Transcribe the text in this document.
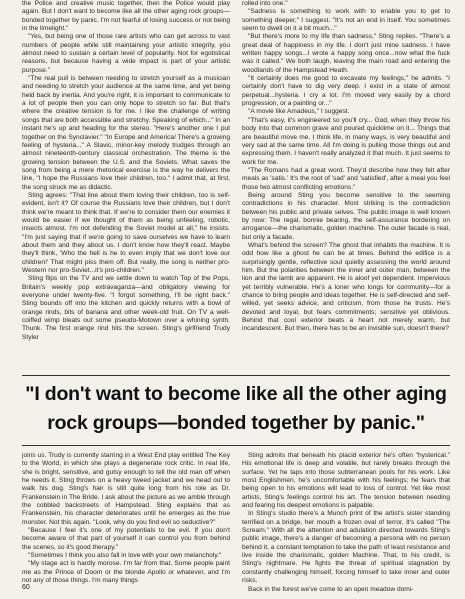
the Police and creative music together, then the Police would play again. But I don't want to become like all the other aging rock groups—bonded together by panic. I'm not fearful of losing success or not being in the limelight."

"Yes, but being one of those rare artists who can get across to vast numbers of people while still maintaining your artistic integrity, you almost need to sustain a certain level of popularity. Not for egotistical reasons, but because having a wide impact is part of your artistic purpose."

"The real pull is between needing to stretch yourself as a musician and needing to stretch your audience at the same time, and yet being held back by inertia. And you're right, it is important to communicate to a lot of people then you can only hope to stretch so far. But that's where the creative tension is for me. I like the challenge of writing songs that are both accessible and stretchy. Speaking of which..." In an instant he's up and heading for the stereo. "Here's another one I put together on the Synclavier." "In Europe and America/ There's a growing feeling of hysteria..." A Slavic, minor-key melody trudges through an almost nineteenth-century classical orchestration. The theme is the growing tension between the U.S. and the Soviets. What saves the song from being a mere rhetorical exercise is the way he delivers the line, "I hope the Russians love their children, too." I admit that, at first, the song struck me as didactic.

Sting agrees: "That line about them loving their children, too is self-evident, isn't it? Of course the Russians love their children, but I don't think we're meant to think that. If we're to consider them our enemies it would be easier if we thought of them as being unfeeling, robotic, insects almost. I'm not defending the Soviet model at all," he insists. "I'm just saying that if we're going to save ourselves we have to learn about them and they about us. I don't know how they'll react. Maybe they'll think, 'Who the hell is he to even imply that we don't love our children!' That might piss them off. But really, the song is neither pro-Western nor pro-Soviet...it's pro-children."

Sting flips on the TV and we settle down to watch Top of the Pops, Britain's weekly pop extravaganza—and obligatory viewing for everyone under twenty-five. "I forgot something, I'll be right back." Sting bounds off into the kitchen and quickly returns with a bowl of orange rinds, bits of banana and other week-old fruit. On TV a well-coiffed wimp bleats out some pseudo-Motown over a whining synth. Thunk. The first orange rind hits the screen. Sting's girlfriend Trudy Styler

rolled into one."

"Sadness is something to work with to enable you to get to something deeper," I suggest. "It's not an end in itself. You sometimes seem to dwell on it a bit much..."

"But there's more to my life than sadness," Sting replies. "There's a great deal of happiness in my life. I don't just mine sadness. I have written happy songs...I wrote a happy song once...now what the fuck was it called." We both laugh, leaving the main road and entering the woodlands of the Hampstead Heath.

"It certainly does me good to excavate my feelings," he admits. "I certainly don't have to dig very deep. I exist in a state of almost perpetual...hysteria. I cry a lot. I'm moved very easily by a chord progression, or a painting or..."

"A movie like Amadeus," I suggest.

"That's easy, it's engineered so you'll cry... God, when they throw his body into that common grave and poured quicklime on it... Things that are beautiful move me. I think life, in many ways, is very beautiful and very sad at the same time. All I'm doing is pulling those things out and expressing them. I haven't really analyzed it that much. It just seems to work for me.

"The Romans had a great word. They'd describe how they felt after meals as 'satis.' It's the root of 'sad' and 'satisfied', after a meal you feel those two almost conflicting emotions."

Being around Sting you become sensitive to the seeming contradictions in his character. Most striking is the contradiction between his public and private selves. The public image is well known by now: The regal, bonnie bearing, the self-assurance bordering on arrogance—the charismatic, golden machine. The outer facade is real, but only a facade.

What's behind the screen? The ghost that inhabits the machine. It is odd how like a ghost he can be at times. Behind the edifice is a surprisingly gentle, reflective soul quietly assessing the world around him. But the polarities between the inner and outer man, between the lion and the lamb are apparent. He is aloof yet dependent. Impervious yet terribly vulnerable. He's a loner who longs for community—for a chance to bring people and ideas together. He is self-directed and self-willed, yet seeks advice, and criticism, from those he trusts. He's devoted and loyal, but fears commitments; sensitive yet oblivious. Behind that cool exterior beats a heart not merely warm, but incandescent. But then, there has to be an invisible sun, doesn't there?

"I don't want to become like all the other aging rock groups—bonded together by panic."

joins us. Trudy is currently starring in a West End play entitled The Key to the World, in which she plays a degenerate rock critic. In real life, she is bright, sensitive, and gutsy enough to tell the old man off when he needs it. Sting throws on a heavy tweed jacket and we head out to walk his dog. Sting's hair is still quite long from his role as Dr. Frankenstein in The Bride. I ask about the picture as we amble through the cobbled backstreets of Hampstead. Sting explains that as Frankenstein, his character deteriorates until he emerges as the true monster. Not this again. "Look, why do you find evil so seductive?"

"Because I feel it's one of my potentials to be evil. If you don't become aware of that part of yourself it can control you from behind the scenes, so it's good therapy."

"Sometimes I think you also fall in love with your own melancholy."

"My stage act is hardly morose. I'm far from that. Some people paint me as the Prince of Doom or the blonde Apollo or whatever, and I'm not any of those things. I'm many things

Sting admits that beneath his placid exterior he's often "hysterical." His emotional life is deep and volatile, but rarely breaks through the surface. Yet he taps into those subterranean pools for his work. Like most Englishmen, he's uncomfortable with his feelings; he fears that being open to his emotions will lead to loss of control. Yet like most artists, Sting's feelings control his art. The tension between needing and fearing his deepest emotions is palpable.

In Sting's studio there's a Munch print of the artist's sister standing terrified on a bridge, her mouth a frozen oval of terror. It's called "The Scream." With all the attention and adulation directed towards Sting's public image, there's a danger of becoming a persona with no person behind it, a constant temptation to take the path of least resistance and live inside the charismatic, golden Machine. That, to his credit, is Sting's nightmare. He fights the threat of spiritual stagnation by constantly challenging himself, forcing himself to take inner and outer risks.

Back in the forest we've come to an open meadow domi-

60
